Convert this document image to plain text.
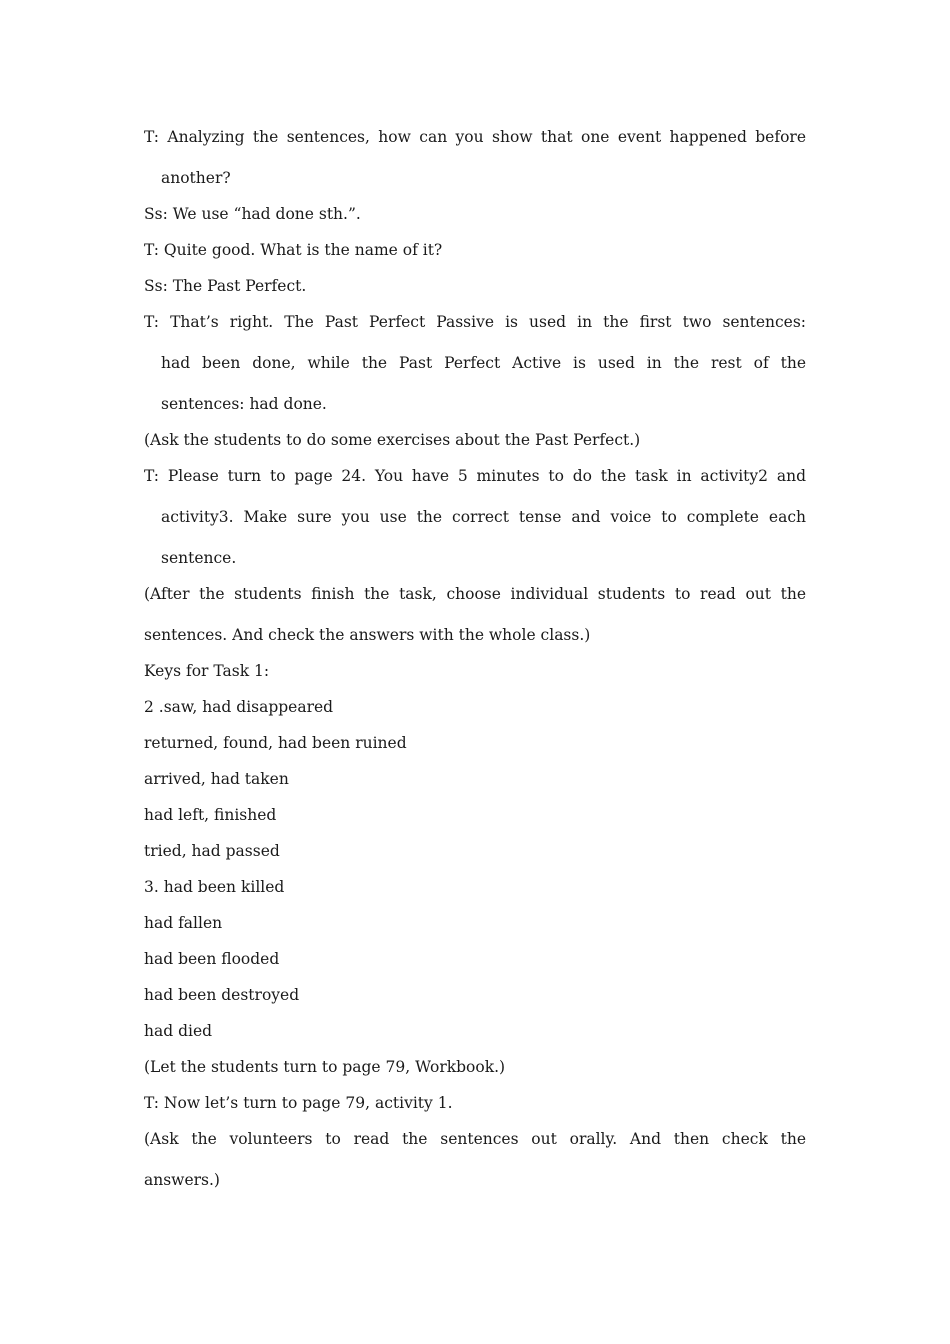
T: Analyzing the sentences, how can you show that one event happened before
another?
Ss: We use “had done sth.”.
T: Quite good. What is the name of it?
Ss: The Past Perfect.
T: That’s right. The Past Perfect Passive is used in the first two sentences:
had been done, while the Past Perfect Active is used in the rest of the
sentences: had done.
(Ask the students to do some exercises about the Past Perfect.)
T: Please turn to page 24. You have 5 minutes to do the task in activity2 and
activity3. Make sure you use the correct tense and voice to complete each
sentence.
(After the students finish the task, choose individual students to read out the
sentences. And check the answers with the whole class.)
Keys for Task 1:
2 .saw, had disappeared
returned, found, had been ruined
arrived, had taken
had left, finished
tried, had passed
3. had been killed
had fallen
had been flooded
had been destroyed
had died
(Let the students turn to page 79, Workbook.)
T: Now let’s turn to page 79, activity 1.
(Ask the volunteers to read the sentences out orally. And then check the
answers.)
